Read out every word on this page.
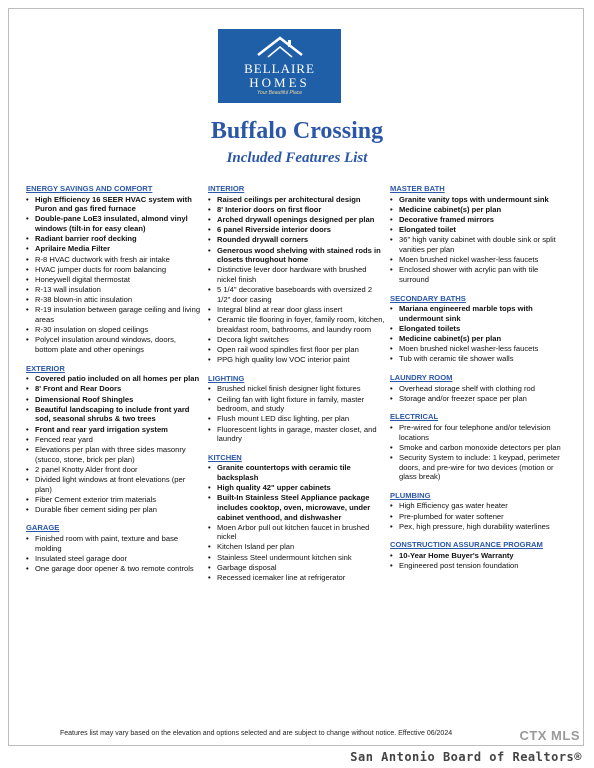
BELLAIRE
HOMES
Your Beautiful Place
Buffalo Crossing
Included Features List
ENERGY SAVINGS AND COMFORT
• High Efficiency 16 SEER HVAC system with Puron and gas fired furnace
• Double-pane LoE3 insulated, almond vinyl windows (tilt-in for easy clean)
• Radiant barrier roof decking
• Aprilaire Media Filter
• R-8 HVAC ductwork with fresh air intake
• HVAC jumper ducts for room balancing
• Honeywell digital thermostat
• R-13 wall insulation
• R-38 blown-in attic insulation
• R-19 insulation between garage ceiling and living areas
• R-30 insulation on sloped ceilings
• Polycel insulation around windows, doors, bottom plate and other openings
EXTERIOR
• Covered patio included on all homes per plan
• 8' Front and Rear Doors
• Dimensional Roof Shingles
• Beautiful landscaping to include front yard sod, seasonal shrubs & two trees
• Front and rear yard irrigation system
• Fenced rear yard
• Elevations per plan with three sides masonry (stucco, stone, brick per plan)
• 2 panel Knotty Alder front door
• Divided light windows at front elevations (per plan)
• Fiber Cement exterior trim materials
• Durable fiber cement siding per plan
GARAGE
• Finished room with paint, texture and base molding
• Insulated steel garage door
• One garage door opener & two remote controls
INTERIOR
• Raised ceilings per architectural design
• 8' Interior doors on first floor
• Arched drywall openings designed per plan
• 6 panel Riverside interior doors
• Rounded drywall corners
• Generous wood shelving with stained rods in closets throughout home
• Distinctive lever door hardware with brushed nickel finish
• 5 1/4" decorative baseboards with oversized 2 1/2" door casing
• Integral blind at rear door glass insert
• Ceramic tile flooring in foyer, family room, kitchen, breakfast room, bathrooms, and laundry room
• Decora light switches
• Open rail wood spindles first floor per plan
• PPG high quality low VOC interior paint
LIGHTING
• Brushed nickel finish designer light fixtures
• Ceiling fan with light fixture in family, master bedroom, and study
• Flush mount LED disc lighting, per plan
• Fluorescent lights in garage, master closet, and laundry
KITCHEN
• Granite countertops with ceramic tile backsplash
• High quality 42" upper cabinets
• Built-In Stainless Steel Appliance package includes cooktop, oven, microwave, under cabinet venthood, and dishwasher
• Moen Arbor pull out kitchen faucet in brushed nickel
• Kitchen Island per plan
• Stainless Steel undermount kitchen sink
• Garbage disposal
• Recessed icemaker line at refrigerator
MASTER BATH
• Granite vanity tops with undermount sink
• Medicine cabinet(s) per plan
• Decorative framed mirrors
• Elongated toilet
• 36" high vanity cabinet with double sink or split vanities per plan
• Moen brushed nickel washer-less faucets
• Enclosed shower with acrylic pan with tile surround
SECONDARY BATHS
• Mariana engineered marble tops with undermount sink
• Elongated toilets
• Medicine cabinet(s) per plan
• Moen brushed nickel washer-less faucets
• Tub with ceramic tile shower walls
LAUNDRY ROOM
• Overhead storage shelf with clothing rod
• Storage and/or freezer space per plan
ELECTRICAL
• Pre-wired for four telephone and/or television locations
• Smoke and carbon monoxide detectors per plan
• Security System to include: 1 keypad, perimeter doors, and pre-wire for two devices (motion or glass break)
PLUMBING
• High Efficiency gas water heater
• Pre-plumbed for water softener
• Pex, high pressure, high durability waterlines
CONSTRUCTION ASSURANCE PROGRAM
• 10-Year Home Buyer's Warranty
• Engineered post tension foundation
Features list may vary based on the elevation and options selected and are subject to change without notice. Effective 06/2024	CTX MLS
San Antonio Board of Realtors®
